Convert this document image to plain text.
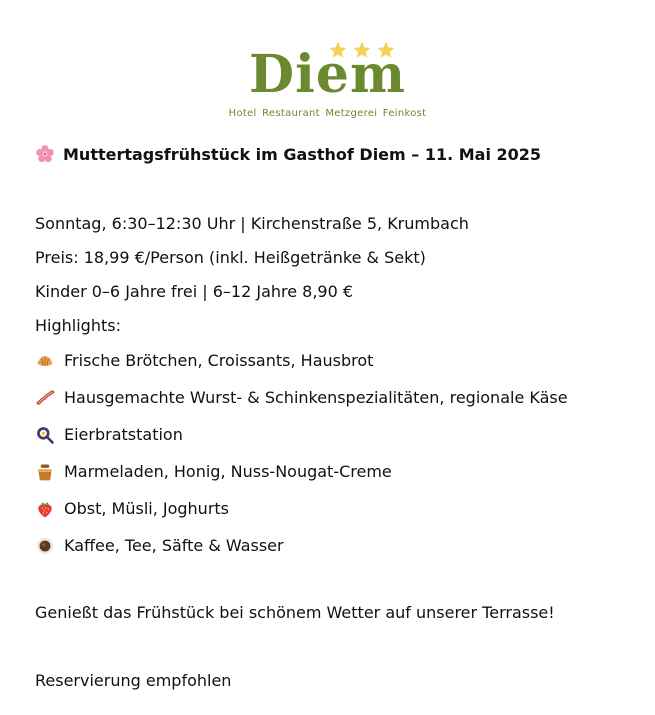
Diem
Hotel Restaurant Metzgerei Feinkost
Muttertagsfrühstück im Gasthof Diem – 11. Mai 2025
Sonntag, 6:30–12:30 Uhr | Kirchenstraße 5, Krumbach
Preis: 18,99 €/Person (inkl. Heißgetränke & Sekt)
Kinder 0–6 Jahre frei | 6–12 Jahre 8,90 €
Highlights:
Frische Brötchen, Croissants, Hausbrot
Hausgemachte Wurst- & Schinkenspezialitäten, regionale Käse
Eierbratstation
Marmeladen, Honig, Nuss-Nougat-Creme
Obst, Müsli, Joghurts
Kaffee, Tee, Säfte & Wasser
Genießt das Frühstück bei schönem Wetter auf unserer Terrasse!
Reservierung empfohlen
